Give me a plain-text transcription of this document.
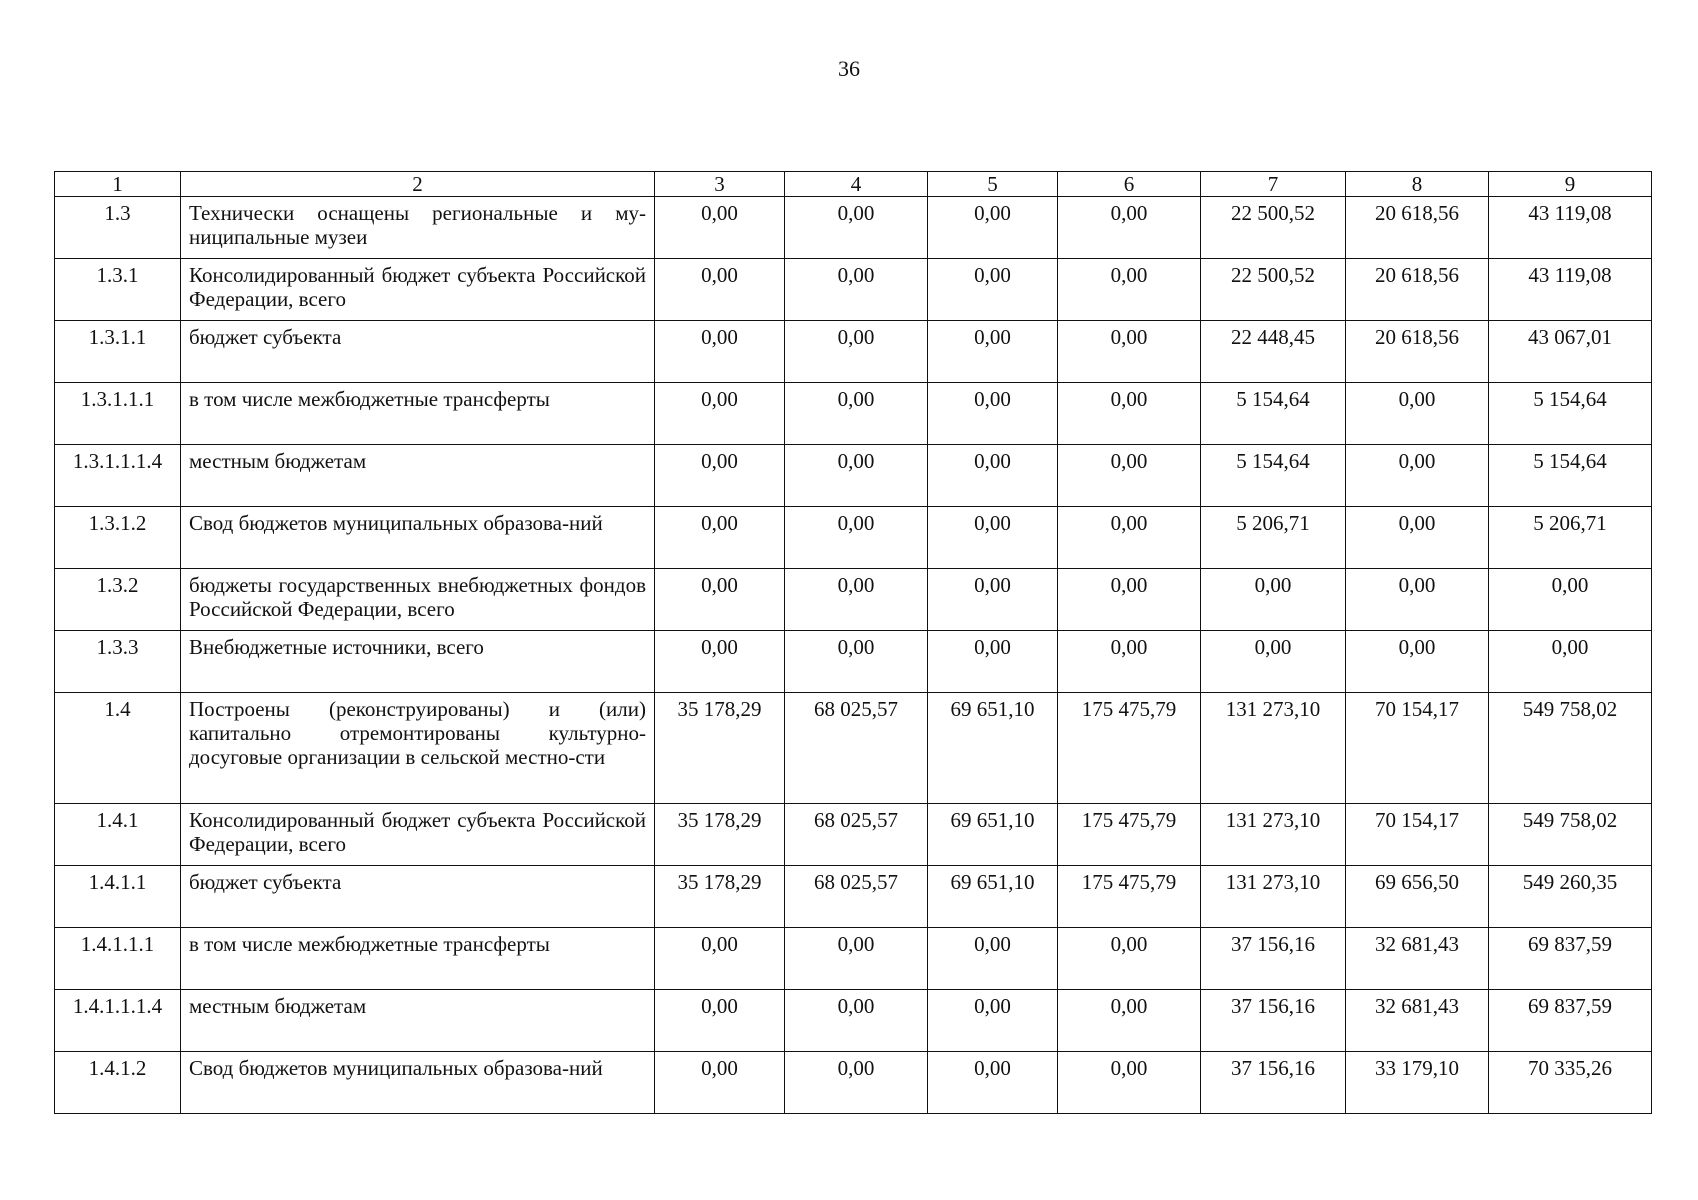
36
1	2	3	4	5	6	7	8	9
1.3	Технически оснащены региональные и му-ниципальные музеи	0,00	0,00	0,00	0,00	22 500,52	20 618,56	43 119,08
1.3.1	Консолидированный бюджет субъекта Российской Федерации, всего	0,00	0,00	0,00	0,00	22 500,52	20 618,56	43 119,08
1.3.1.1	бюджет субъекта	0,00	0,00	0,00	0,00	22 448,45	20 618,56	43 067,01
1.3.1.1.1	в том числе межбюджетные трансферты	0,00	0,00	0,00	0,00	5 154,64	0,00	5 154,64
1.3.1.1.1.4	местным бюджетам	0,00	0,00	0,00	0,00	5 154,64	0,00	5 154,64
1.3.1.2	Свод бюджетов муниципальных образова-ний	0,00	0,00	0,00	0,00	5 206,71	0,00	5 206,71
1.3.2	бюджеты государственных внебюджетных фондов Российской Федерации, всего	0,00	0,00	0,00	0,00	0,00	0,00	0,00
1.3.3	Внебюджетные источники, всего	0,00	0,00	0,00	0,00	0,00	0,00	0,00
1.4	Построены (реконструированы) и (или) капитально отремонтированы культурно-досуговые организации в сельской местно-сти	35 178,29	68 025,57	69 651,10	175 475,79	131 273,10	70 154,17	549 758,02
1.4.1	Консолидированный бюджет субъекта Российской Федерации, всего	35 178,29	68 025,57	69 651,10	175 475,79	131 273,10	70 154,17	549 758,02
1.4.1.1	бюджет субъекта	35 178,29	68 025,57	69 651,10	175 475,79	131 273,10	69 656,50	549 260,35
1.4.1.1.1	в том числе межбюджетные трансферты	0,00	0,00	0,00	0,00	37 156,16	32 681,43	69 837,59
1.4.1.1.1.4	местным бюджетам	0,00	0,00	0,00	0,00	37 156,16	32 681,43	69 837,59
1.4.1.2	Свод бюджетов муниципальных образова-ний	0,00	0,00	0,00	0,00	37 156,16	33 179,10	70 335,26
